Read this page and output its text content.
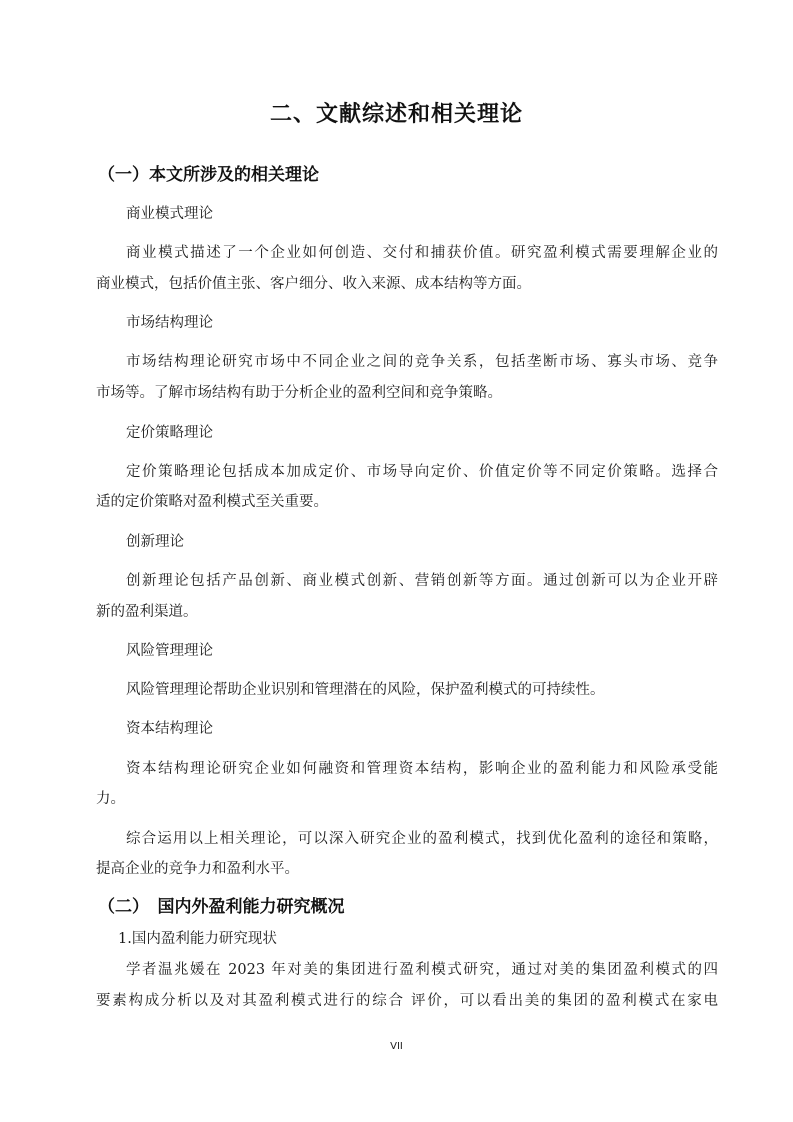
二、文献综述和相关理论
（一）本文所涉及的相关理论
商业模式理论
商业模式描述了一个企业如何创造、交付和捕获价值。研究盈利模式需要理解企业的
商业模式，包括价值主张、客户细分、收入来源、成本结构等方面。
市场结构理论
市场结构理论研究市场中不同企业之间的竞争关系，包括垄断市场、寡头市场、竞争
市场等。了解市场结构有助于分析企业的盈利空间和竞争策略。
定价策略理论
定价策略理论包括成本加成定价、市场导向定价、价值定价等不同定价策略。选择合
适的定价策略对盈利模式至关重要。
创新理论
创新理论包括产品创新、商业模式创新、营销创新等方面。通过创新可以为企业开辟
新的盈利渠道。
风险管理理论
风险管理理论帮助企业识别和管理潜在的风险，保护盈利模式的可持续性。
资本结构理论
资本结构理论研究企业如何融资和管理资本结构，影响企业的盈利能力和风险承受能
力。
综合运用以上相关理论，可以深入研究企业的盈利模式，找到优化盈利的途径和策略，
提高企业的竞争力和盈利水平。
（二）　国内外盈利能力研究概况
1.国内盈利能力研究现状
学者温兆媛在 2023 年对美的集团进行盈利模式研究，通过对美的集团盈利模式的四
要素构成分析以及对其盈利模式进行的综合 评价，可以看出美的集团的盈利模式在家电
VII
